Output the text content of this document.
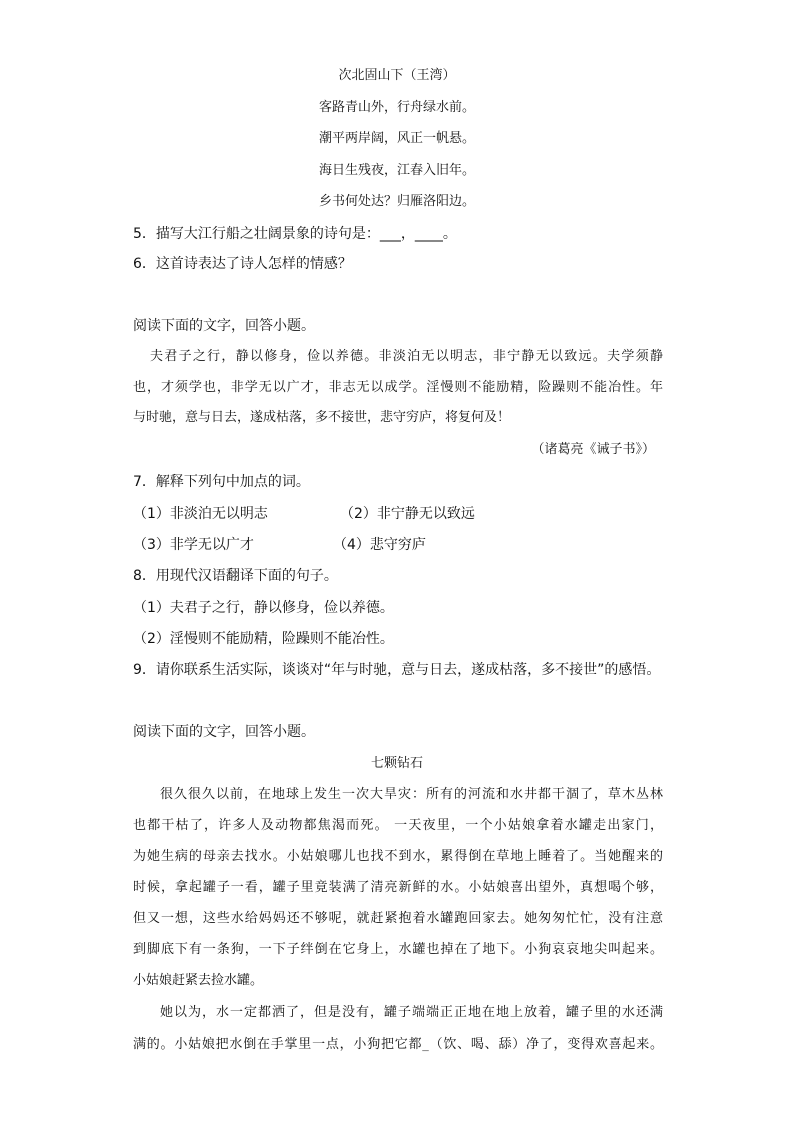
次北固山下（王湾）
客路青山外，行舟绿水前。
潮平两岸阔，风正一帆悬。
海日生残夜，江春入旧年。
乡书何处达？归雁洛阳边。
5．描写大江行船之壮阔景象的诗句是：___，____。
6．这首诗表达了诗人怎样的情感？
阅读下面的文字，回答小题。
夫君子之行，静以修身，俭以养德。非淡泊无以明志，非宁静无以致远。夫学须静
也，才须学也，非学无以广才，非志无以成学。淫慢则不能励精，险躁则不能冶性。年
与时驰，意与日去，遂成枯落，多不接世，悲守穷庐，将复何及！
（诸葛亮《诫子书》）
7．解释下列句中加点的词。
（1）非淡泊无以明志	（2）非宁静无以致远
（3）非学无以广才	（4）悲守穷庐
8．用现代汉语翻译下面的句子。
（1）夫君子之行，静以修身，俭以养德。
（2）淫慢则不能励精，险躁则不能冶性。
9．请你联系生活实际，谈谈对“年与时驰，意与日去，遂成枯落，多不接世”的感悟。
阅读下面的文字，回答小题。
七颗钻石
很久很久以前，在地球上发生一次大旱灾：所有的河流和水井都干涸了，草木丛林
也都干枯了，许多人及动物都焦渴而死。 一天夜里，一个小姑娘拿着水罐走出家门，
为她生病的母亲去找水。小姑娘哪儿也找不到水，累得倒在草地上睡着了。当她醒来的
时候，拿起罐子一看，罐子里竟装满了清亮新鲜的水。小姑娘喜出望外，真想喝个够，
但又一想，这些水给妈妈还不够呢，就赶紧抱着水罐跑回家去。她匆匆忙忙，没有注意
到脚底下有一条狗，一下子绊倒在它身上，水罐也掉在了地下。小狗哀哀地尖叫起来。
小姑娘赶紧去捡水罐。
她以为，水一定都洒了，但是没有，罐子端端正正地在地上放着，罐子里的水还满
满的。小姑娘把水倒在手掌里一点，小狗把它都_（饮、喝、舔）净了，变得欢喜起来。
